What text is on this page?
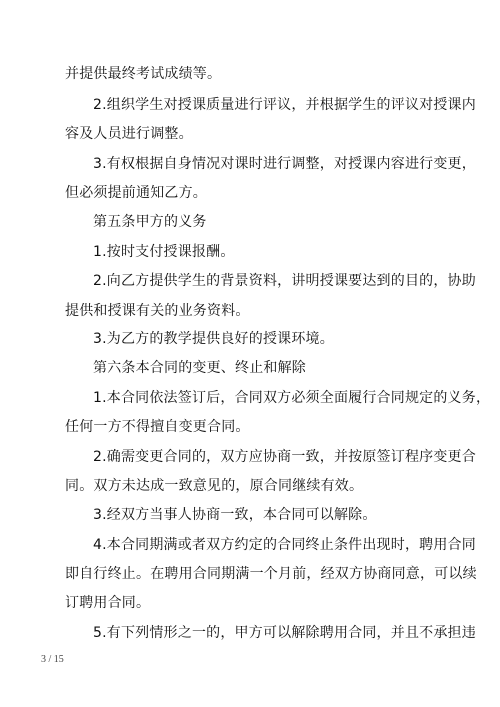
并提供最终考试成绩等。
2.组织学生对授课质量进行评议，并根据学生的评议对授课内
容及人员进行调整。
3.有权根据自身情况对课时进行调整，对授课内容进行变更，
但必须提前通知乙方。
第五条甲方的义务
1.按时支付授课报酬。
2.向乙方提供学生的背景资料，讲明授课要达到的目的，协助
提供和授课有关的业务资料。
3.为乙方的教学提供良好的授课环境。
第六条本合同的变更、终止和解除
1.本合同依法签订后，合同双方必须全面履行合同规定的义务，
任何一方不得擅自变更合同。
2.确需变更合同的，双方应协商一致，并按原签订程序变更合
同。双方未达成一致意见的，原合同继续有效。
3.经双方当事人协商一致，本合同可以解除。
4.本合同期满或者双方约定的合同终止条件出现时，聘用合同
即自行终止。在聘用合同期满一个月前，经双方协商同意，可以续
订聘用合同。
5.有下列情形之一的，甲方可以解除聘用合同，并且不承担违
3 / 15
